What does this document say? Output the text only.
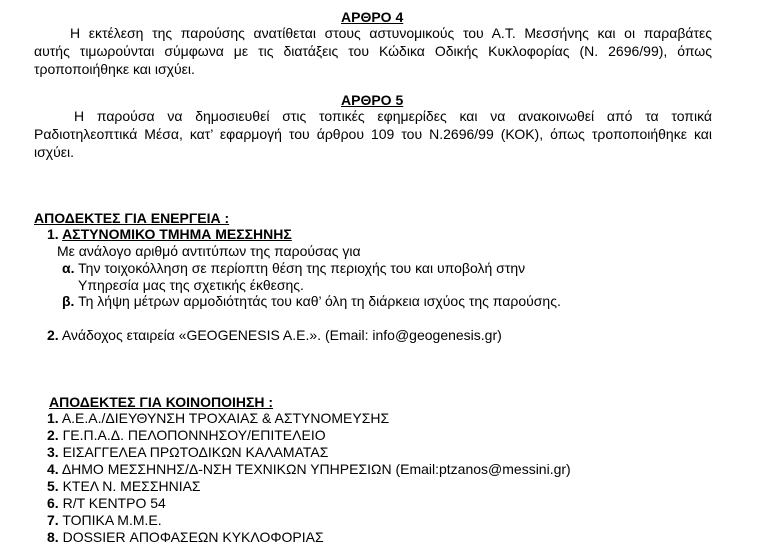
ΑΡΘΡΟ 4
Η εκτέλεση της παρούσης ανατίθεται στους αστυνομικούς του Α.Τ. Μεσσήνης και οι παραβάτες
αυτής τιμωρούνται σύμφωνα με τις διατάξεις του Κώδικα Οδικής Κυκλοφορίας (Ν. 2696/99), όπως
τροποποιήθηκε και ισχύει.
ΑΡΘΡΟ 5
Η παρούσα να δημοσιευθεί στις τοπικές εφημερίδες και να ανακοινωθεί από τα τοπικά
Ραδιοτηλεοπτικά Μέσα, κατ’ εφαρμογή του άρθρου 109 του Ν.2696/99 (ΚΟΚ), όπως τροποποιήθηκε και
ισχύει.
ΑΠΟΔΕΚΤΕΣ ΓΙΑ ΕΝΕΡΓΕΙΑ :
1. ΑΣΤΥΝΟΜΙΚΟ ΤΜΗΜΑ ΜΕΣΣΗΝΗΣ
Με ανάλογο αριθμό αντιτύπων της παρούσας για
α. Την τοιχοκόλληση σε περίοπτη θέση της περιοχής του και υποβολή στην
Υπηρεσία μας της σχετικής έκθεσης.
β. Τη λήψη μέτρων αρμοδιότητάς του καθ’ όλη τη διάρκεια ισχύος της παρούσης.
2. Ανάδοχος εταιρεία «GEOGENESIS A.E.». (Email: info@geogenesis.gr)
ΑΠΟΔΕΚΤΕΣ ΓΙΑ ΚΟΙΝΟΠΟΙΗΣΗ :
1. Α.Ε.Α./ΔΙΕΥΘΥΝΣΗ ΤΡΟΧΑΙΑΣ & ΑΣΤΥΝΟΜΕΥΣΗΣ
2. ΓΕ.Π.Α.Δ. ΠΕΛΟΠΟΝΝΗΣΟΥ/ΕΠΙΤΕΛΕΙΟ
3. ΕΙΣΑΓΓΕΛΕΑ ΠΡΩΤΟΔΙΚΩΝ ΚΑΛΑΜΑΤΑΣ
4. ΔΗΜΟ ΜΕΣΣΗΝΗΣ/Δ-ΝΣΗ ΤΕΧΝΙΚΩΝ ΥΠΗΡΕΣΙΩΝ (Email:ptzanos@messini.gr)
5. ΚΤΕΛ Ν. ΜΕΣΣΗΝΙΑΣ
6. R/T ΚΕΝΤΡΟ 54
7. ΤΟΠΙΚΑ Μ.Μ.Ε.
8. DOSSIER ΑΠΟΦΑΣΕΩΝ ΚΥΚΛΟΦΟΡΙΑΣ
